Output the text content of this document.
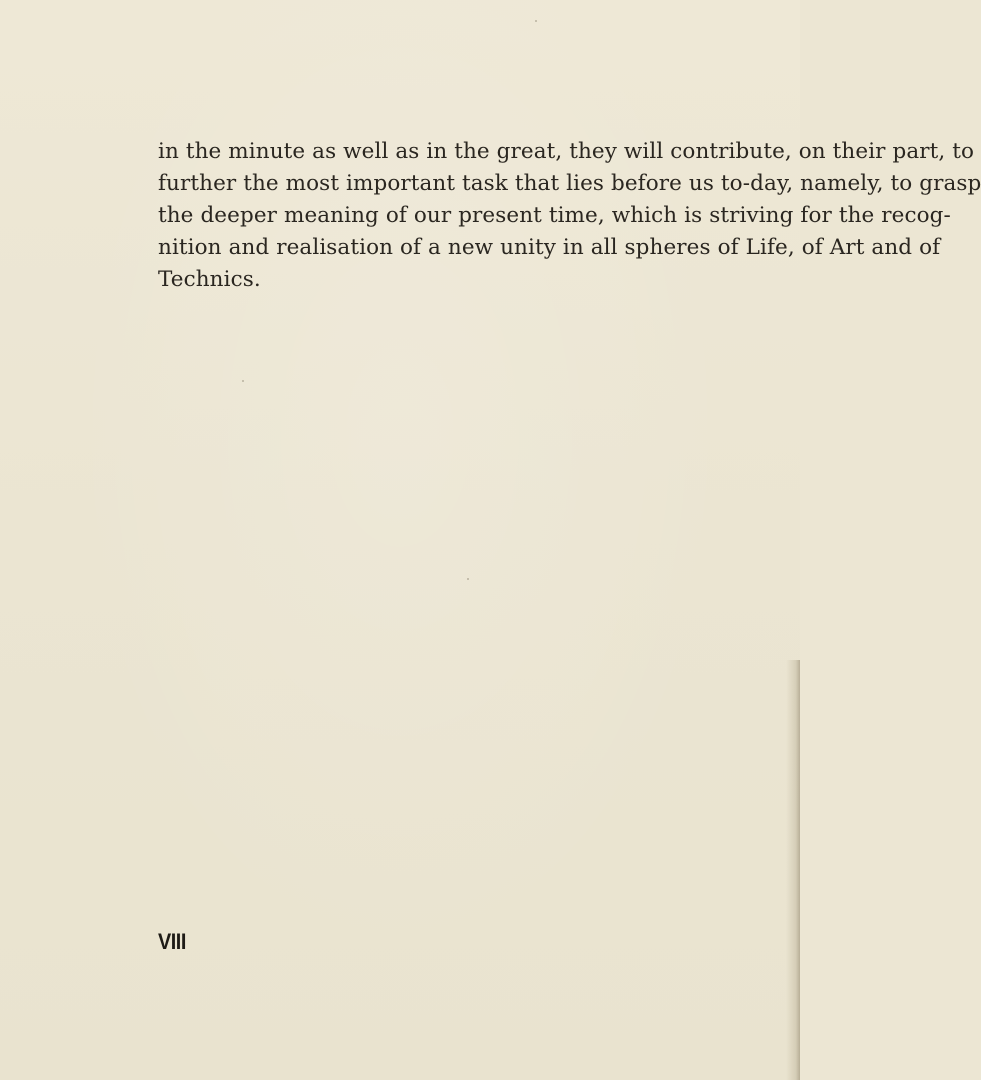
in the minute as well as in the great, they will contribute, on their part, to
further the most important task that lies before us to-day, namely, to grasp
the deeper meaning of our present time, which is striving for the recog-
nition and realisation of a new unity in all spheres of Life, of Art and of
Technics.
VIII
